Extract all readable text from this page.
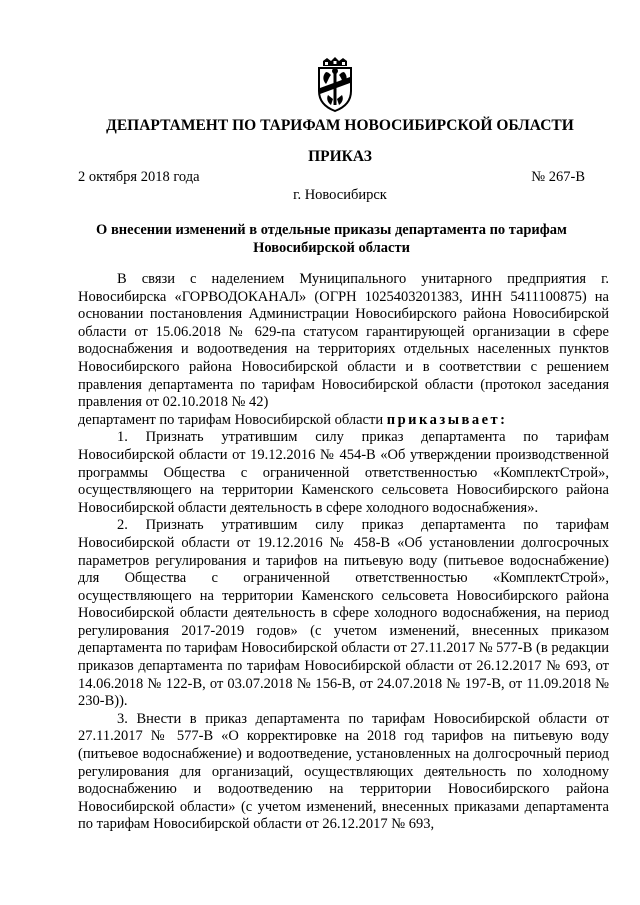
ДЕПАРТАМЕНТ ПО ТАРИФАМ НОВОСИБИРСКОЙ ОБЛАСТИ
ПРИКАЗ
2 октября 2018 года	№ 267-В
г. Новосибирск
О внесении изменений в отдельные приказы департамента по тарифам Новосибирской области

В связи с наделением Муниципального унитарного предприятия г. Новосибирска «ГОРВОДОКАНАЛ» (ОГРН 1025403201383, ИНН 5411100875) на основании постановления Администрации Новосибирского района Новосибирской области от 15.06.2018 № 629-па статусом гарантирующей организации в сфере водоснабжения и водоотведения на территориях отдельных населенных пунктов Новосибирского района Новосибирской области и в соответствии с решением правления департамента по тарифам Новосибирской области (протокол заседания правления от 02.10.2018 № 42)

департамент по тарифам Новосибирской области приказывает:

1. Признать утратившим силу приказ департамента по тарифам Новосибирской области от 19.12.2016 № 454-В «Об утверждении производственной программы Общества с ограниченной ответственностью «КомплектСтрой», осуществляющего на территории Каменского сельсовета Новосибирского района Новосибирской области деятельность в сфере холодного водоснабжения».

2. Признать утратившим силу приказ департамента по тарифам Новосибирской области от 19.12.2016 № 458-В «Об установлении долгосрочных параметров регулирования и тарифов на питьевую воду (питьевое водоснабжение) для Общества с ограниченной ответственностью «КомплектСтрой», осуществляющего на территории Каменского сельсовета Новосибирского района Новосибирской области деятельность в сфере холодного водоснабжения, на период регулирования 2017-2019 годов» (с учетом изменений, внесенных приказом департамента по тарифам Новосибирской области от 27.11.2017 № 577-В (в редакции приказов департамента по тарифам Новосибирской области от 26.12.2017 № 693, от 14.06.2018 № 122-В, от 03.07.2018 № 156-В, от 24.07.2018 № 197-В, от 11.09.2018 № 230-В)).

3. Внести в приказ департамента по тарифам Новосибирской области от 27.11.2017 № 577-В «О корректировке на 2018 год тарифов на питьевую воду (питьевое водоснабжение) и водоотведение, установленных на долгосрочный период регулирования для организаций, осуществляющих деятельность по холодному водоснабжению и водоотведению на территории Новосибирского района Новосибирской области» (с учетом изменений, внесенных приказами департамента по тарифам Новосибирской области от 26.12.2017 № 693,
